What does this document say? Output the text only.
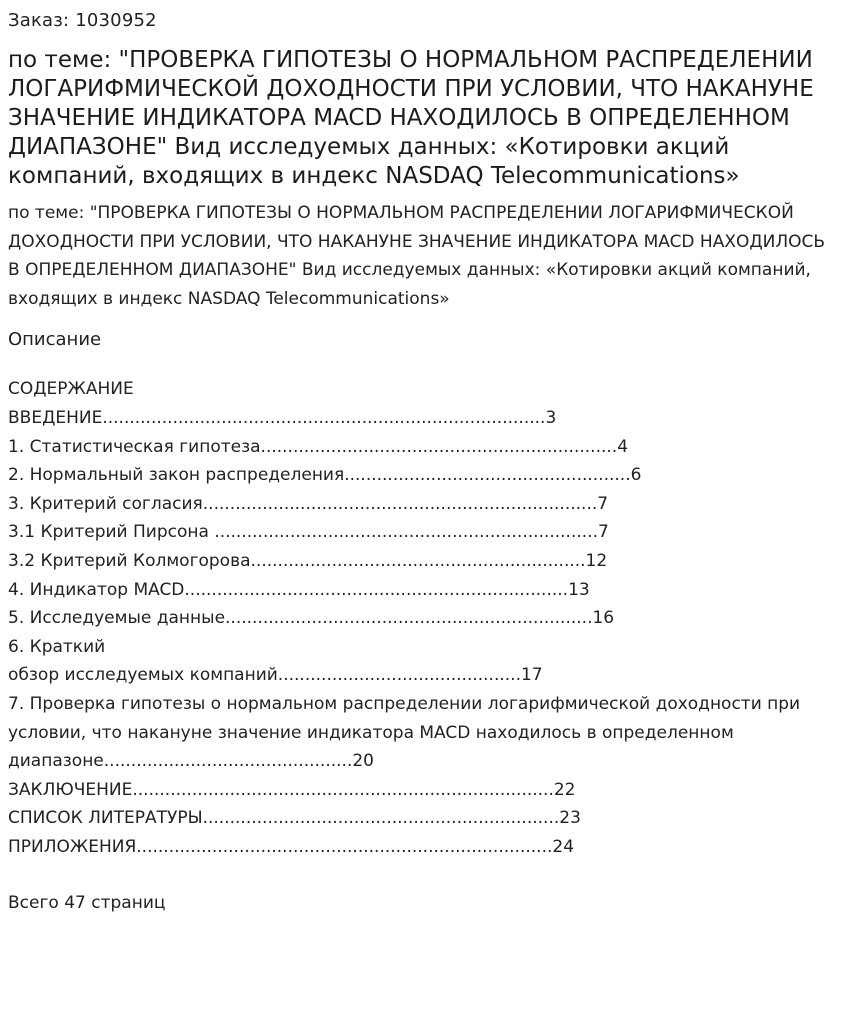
Заказ: 1030952
по теме: "ПРОВЕРКА ГИПОТЕЗЫ О НОРМАЛЬНОМ РАСПРЕДЕЛЕНИИ ЛОГАРИФМИЧЕСКОЙ ДОХОДНОСТИ ПРИ УСЛОВИИ, ЧТО НАКАНУНЕ ЗНАЧЕНИЕ ИНДИКАТОРА MACD НАХОДИЛОСЬ В ОПРЕДЕЛЕННОМ ДИАПАЗОНЕ" Вид исследуемых данных: «Котировки акций компаний, входящих в индекс NASDAQ Telecommunications»
по теме: "ПРОВЕРКА ГИПОТЕЗЫ О НОРМАЛЬНОМ РАСПРЕДЕЛЕНИИ ЛОГАРИФМИЧЕСКОЙ ДОХОДНОСТИ ПРИ УСЛОВИИ, ЧТО НАКАНУНЕ ЗНАЧЕНИЕ ИНДИКАТОРА MACD НАХОДИЛОСЬ В ОПРЕДЕЛЕННОМ ДИАПАЗОНЕ" Вид исследуемых данных: «Котировки акций компаний, входящих в индекс NASDAQ Telecommunications»
Описание
СОДЕРЖАНИЕ
ВВЕДЕНИЕ..................................................................................3
1. Статистическая гипотеза..................................................................4
2. Нормальный закон распределения.....................................................6
3. Критерий согласия.........................................................................7
3.1 Критерий Пирсона .......................................................................7
3.2 Критерий Колмогорова..............................................................12
4. Индикатор MACD.......................................................................13
5. Исследуемые данные....................................................................16
6. Краткий
обзор исследуемых компаний.............................................17
7. Проверка гипотезы о нормальном распределении логарифмической доходности при условии, что накануне значение индикатора MACD находилось в определенном диапазоне..............................................20
ЗАКЛЮЧЕНИЕ..............................................................................22
СПИСОК ЛИТЕРАТУРЫ..................................................................23
ПРИЛОЖЕНИЯ.............................................................................24
Всего 47 страниц
